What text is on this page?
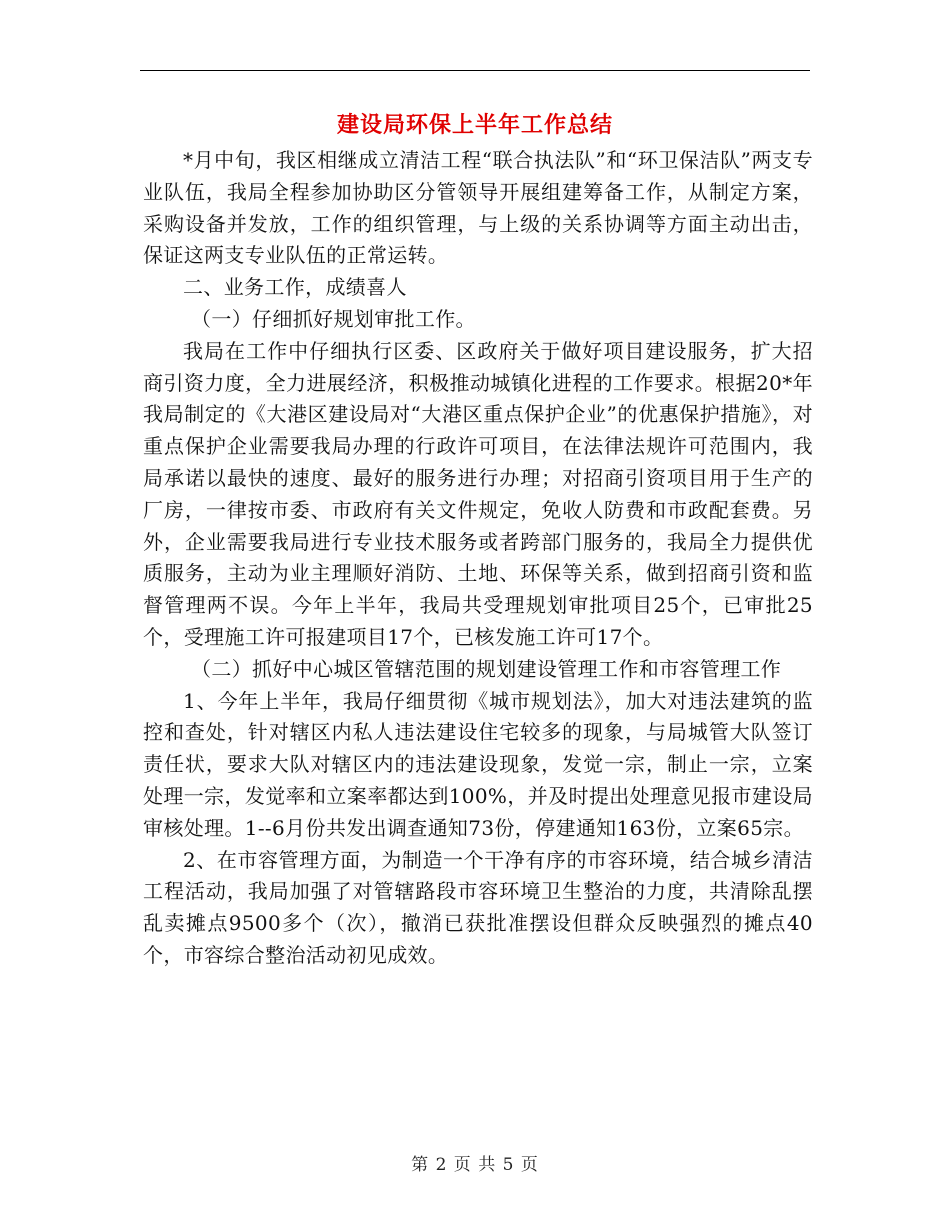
建设局环保上半年工作总结

*月中旬，我区相继成立清洁工程“联合执法队”和“环卫保洁队”两支专业队伍，我局全程参加协助区分管领导开展组建筹备工作，从制定方案，采购设备并发放，工作的组织管理，与上级的关系协调等方面主动出击，保证这两支专业队伍的正常运转。

二、业务工作，成绩喜人

（一）仔细抓好规划审批工作。

我局在工作中仔细执行区委、区政府关于做好项目建设服务，扩大招商引资力度，全力进展经济，积极推动城镇化进程的工作要求。根据20*年我局制定的《大港区建设局对“大港区重点保护企业”的优惠保护措施》，对重点保护企业需要我局办理的行政许可项目，在法律法规许可范围内，我局承诺以最快的速度、最好的服务进行办理；对招商引资项目用于生产的厂房，一律按市委、市政府有关文件规定，免收人防费和市政配套费。另外，企业需要我局进行专业技术服务或者跨部门服务的，我局全力提供优质服务，主动为业主理顺好消防、土地、环保等关系，做到招商引资和监督管理两不误。今年上半年，我局共受理规划审批项目25个，已审批25个，受理施工许可报建项目17个，已核发施工许可17个。

（二）抓好中心城区管辖范围的规划建设管理工作和市容管理工作

1、今年上半年，我局仔细贯彻《城市规划法》，加大对违法建筑的监控和查处，针对辖区内私人违法建设住宅较多的现象，与局城管大队签订责任状，要求大队对辖区内的违法建设现象，发觉一宗，制止一宗，立案处理一宗，发觉率和立案率都达到100%，并及时提出处理意见报市建设局审核处理。1--6月份共发出调查通知73份，停建通知163份，立案65宗。

2、在市容管理方面，为制造一个干净有序的市容环境，结合城乡清洁工程活动，我局加强了对管辖路段市容环境卫生整治的力度，共清除乱摆乱卖摊点9500多个（次），撤消已获批准摆设但群众反映强烈的摊点40个，市容综合整治活动初见成效。

第 2 页 共 5 页
